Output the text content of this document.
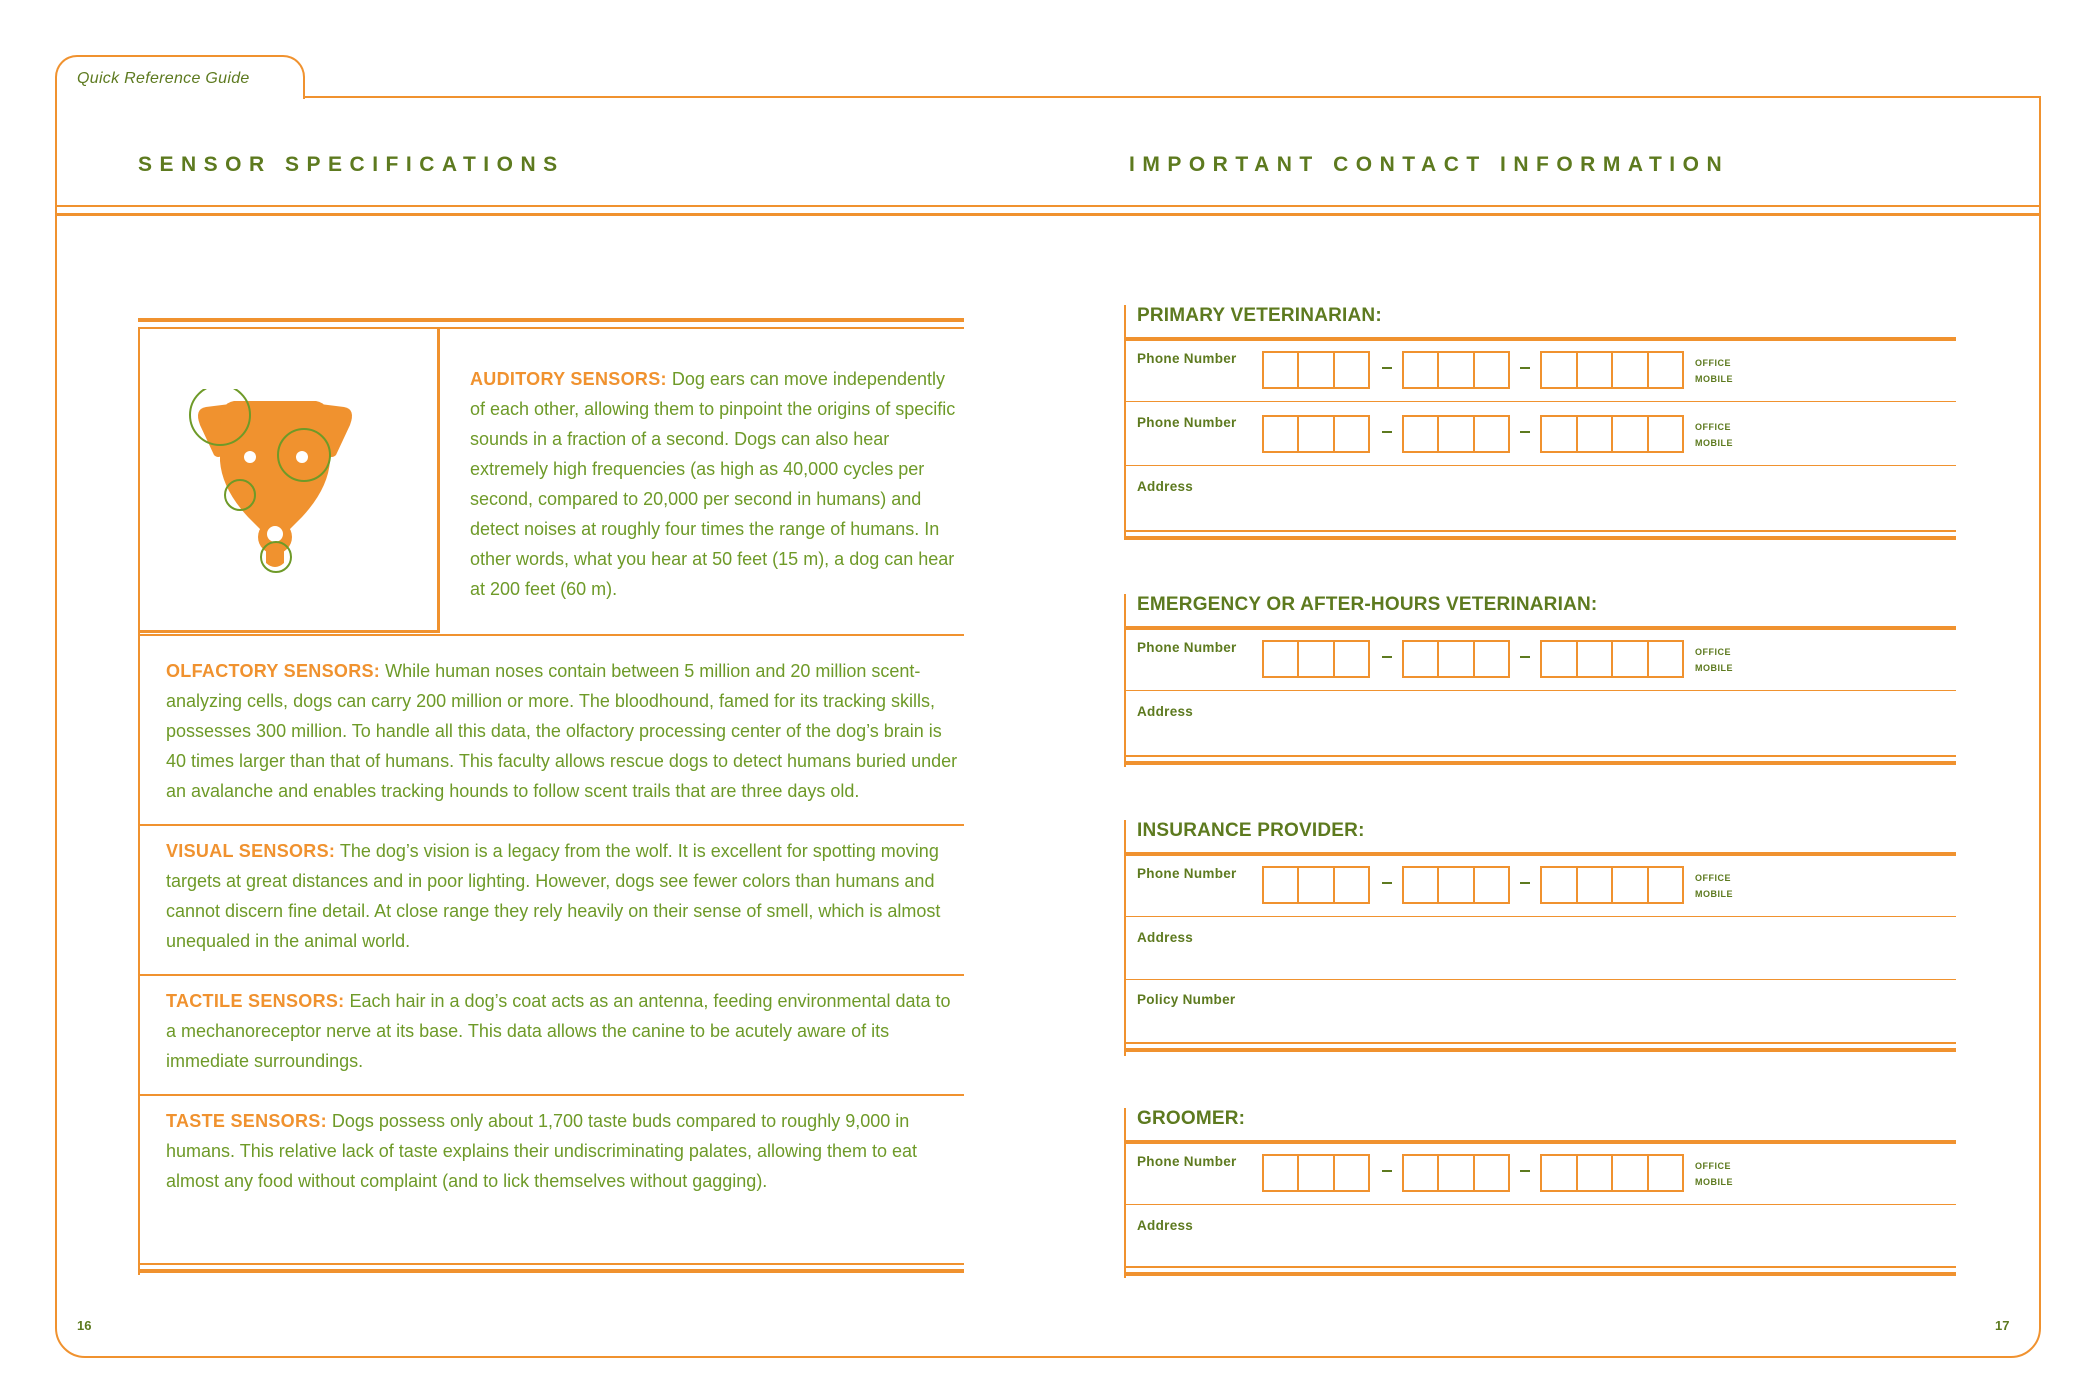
Quick Reference Guide
SENSOR SPECIFICATIONS	IMPORTANT CONTACT INFORMATION

AUDITORY SENSORS: Dog ears can move independently of each other, allowing them to pinpoint the origins of specific sounds in a fraction of a second. Dogs can also hear extremely high frequencies (as high as 40,000 cycles per second, compared to 20,000 per second in humans) and detect noises at roughly four times the range of humans. In other words, what you hear at 50 feet (15 m), a dog can hear at 200 feet (60 m).

OLFACTORY SENSORS: While human noses contain between 5 million and 20 million scent-analyzing cells, dogs can carry 200 million or more. The bloodhound, famed for its tracking skills, possesses 300 million. To handle all this data, the olfactory processing center of the dog’s brain is 40 times larger than that of humans. This faculty allows rescue dogs to detect humans buried under an avalanche and enables tracking hounds to follow scent trails that are three days old.

VISUAL SENSORS: The dog’s vision is a legacy from the wolf. It is excellent for spotting moving targets at great distances and in poor lighting. However, dogs see fewer colors than humans and cannot discern fine detail. At close range they rely heavily on their sense of smell, which is almost unequaled in the animal world.

TACTILE SENSORS: Each hair in a dog’s coat acts as an antenna, feeding environmental data to a mechanoreceptor nerve at its base. This data allows the canine to be acutely aware of its immediate surroundings.

TASTE SENSORS: Dogs possess only about 1,700 taste buds compared to roughly 9,000 in humans. This relative lack of taste explains their undiscriminating palates, allowing them to eat almost any food without complaint (and to lick themselves without gagging).

PRIMARY VETERINARIAN:
Phone Number	OFFICE
MOBILE
Phone Number	OFFICE
MOBILE
Address
EMERGENCY OR AFTER-HOURS VETERINARIAN:
Phone Number	OFFICE
MOBILE
Address
INSURANCE PROVIDER:
Phone Number	OFFICE
MOBILE
Address
Policy Number
GROOMER:
Phone Number	OFFICE
MOBILE
Address
16	17
